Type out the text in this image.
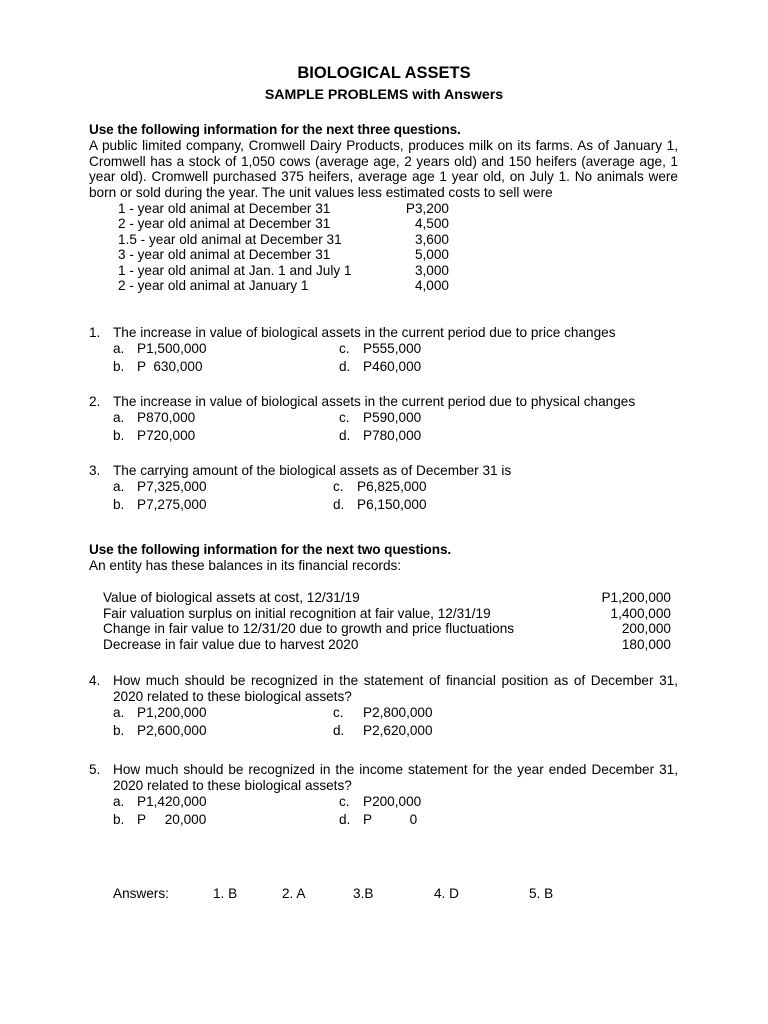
BIOLOGICAL ASSETS
SAMPLE PROBLEMS with Answers
Use the following information for the next three questions.
A public limited company, Cromwell Dairy Products, produces milk on its farms. As of January 1, Cromwell has a stock of 1,050 cows (average age, 2 years old) and 150 heifers (average age, 1 year old). Cromwell purchased 375 heifers, average age 1 year old, on July 1. No animals were born or sold during the year. The unit values less estimated costs to sell were
1 - year old animal at December 31	P3,200
2 - year old animal at December 31	4,500
1.5 - year old animal at December 31	3,600
3 - year old animal at December 31	5,000
1 - year old animal at Jan. 1 and July 1	3,000
2 - year old animal at January 1	4,000
1. The increase in value of biological assets in the current period due to price changes
a. P1,500,000	c. P555,000
b. P  630,000	d. P460,000
2. The increase in value of biological assets in the current period due to physical changes
a. P870,000	c. P590,000
b. P720,000	d. P780,000
3. The carrying amount of the biological assets as of December 31 is
a. P7,325,000	c. P6,825,000
b. P7,275,000	d. P6,150,000
Use the following information for the next two questions.
An entity has these balances in its financial records:
Value of biological assets at cost, 12/31/19	P1,200,000
Fair valuation surplus on initial recognition at fair value, 12/31/19	1,400,000
Change in fair value to 12/31/20 due to growth and price fluctuations	200,000
Decrease in fair value due to harvest 2020	180,000
4. How much should be recognized in the statement of financial position as of December 31, 2020 related to these biological assets?
a. P1,200,000	c. P2,800,000
b. P2,600,000	d. P2,620,000
5. How much should be recognized in the income statement for the year ended December 31, 2020 related to these biological assets?
a. P1,420,000	c. P200,000
b. P     20,000	d. P          0
Answers:	1. B	2. A	3.B	4. D	5. B
